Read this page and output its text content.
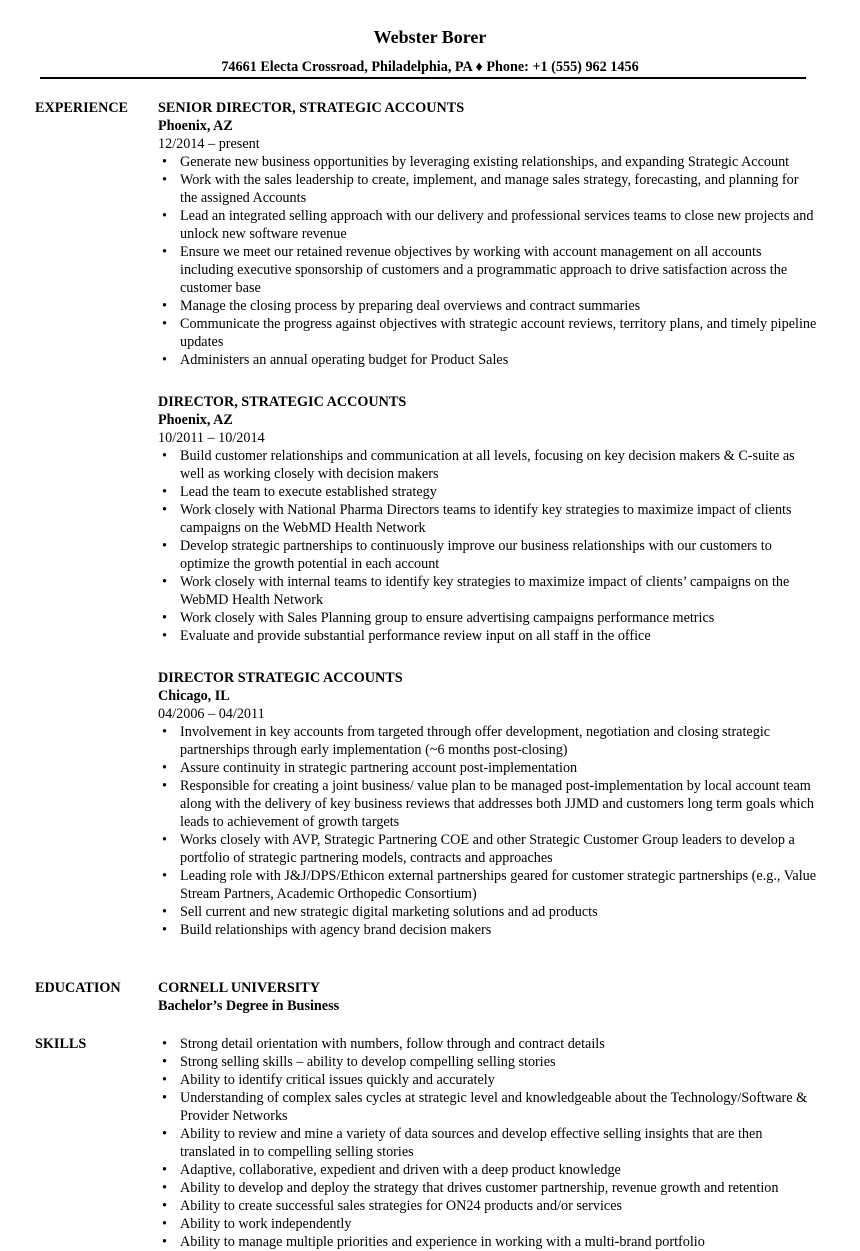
Webster Borer
74661 Electa Crossroad, Philadelphia, PA ♦ Phone: +1 (555) 962 1456
EXPERIENCE SENIOR DIRECTOR, STRATEGIC ACCOUNTS
Phoenix, AZ
12/2014 – present
• Generate new business opportunities by leveraging existing relationships, and expanding Strategic Account
• Work with the sales leadership to create, implement, and manage sales strategy, forecasting, and planning for the assigned Accounts
• Lead an integrated selling approach with our delivery and professional services teams to close new projects and unlock new software revenue
• Ensure we meet our retained revenue objectives by working with account management on all accounts including executive sponsorship of customers and a programmatic approach to drive satisfaction across the customer base
• Manage the closing process by preparing deal overviews and contract summaries
• Communicate the progress against objectives with strategic account reviews, territory plans, and timely pipeline updates
• Administers an annual operating budget for Product Sales
DIRECTOR, STRATEGIC ACCOUNTS
Phoenix, AZ
10/2011 – 10/2014
• Build customer relationships and communication at all levels, focusing on key decision makers & C-suite as well as working closely with decision makers
• Lead the team to execute established strategy
• Work closely with National Pharma Directors teams to identify key strategies to maximize impact of clients campaigns on the WebMD Health Network
• Develop strategic partnerships to continuously improve our business relationships with our customers to optimize the growth potential in each account
• Work closely with internal teams to identify key strategies to maximize impact of clients’ campaigns on the WebMD Health Network
• Work closely with Sales Planning group to ensure advertising campaigns performance metrics
• Evaluate and provide substantial performance review input on all staff in the office
DIRECTOR STRATEGIC ACCOUNTS
Chicago, IL
04/2006 – 04/2011
• Involvement in key accounts from targeted through offer development, negotiation and closing strategic partnerships through early implementation (~6 months post-closing)
• Assure continuity in strategic partnering account post-implementation
• Responsible for creating a joint business/ value plan to be managed post-implementation by local account team along with the delivery of key business reviews that addresses both JJMD and customers long term goals which leads to achievement of growth targets
• Works closely with AVP, Strategic Partnering COE and other Strategic Customer Group leaders to develop a portfolio of strategic partnering models, contracts and approaches
• Leading role with J&J/DPS/Ethicon external partnerships geared for customer strategic partnerships (e.g., Value Stream Partners, Academic Orthopedic Consortium)
• Sell current and new strategic digital marketing solutions and ad products
• Build relationships with agency brand decision makers
EDUCATION	CORNELL UNIVERSITY
Bachelor’s Degree in Business
SKILLS	• Strong detail orientation with numbers, follow through and contract details
• Strong selling skills – ability to develop compelling selling stories
• Ability to identify critical issues quickly and accurately
• Understanding of complex sales cycles at strategic level and knowledgeable about the Technology/Software & Provider Networks
• Ability to review and mine a variety of data sources and develop effective selling insights that are then translated in to compelling selling stories
• Adaptive, collaborative, expedient and driven with a deep product knowledge
• Ability to develop and deploy the strategy that drives customer partnership, revenue growth and retention
• Ability to create successful sales strategies for ON24 products and/or services
• Ability to work independently
• Ability to manage multiple priorities and experience in working with a multi-brand portfolio
